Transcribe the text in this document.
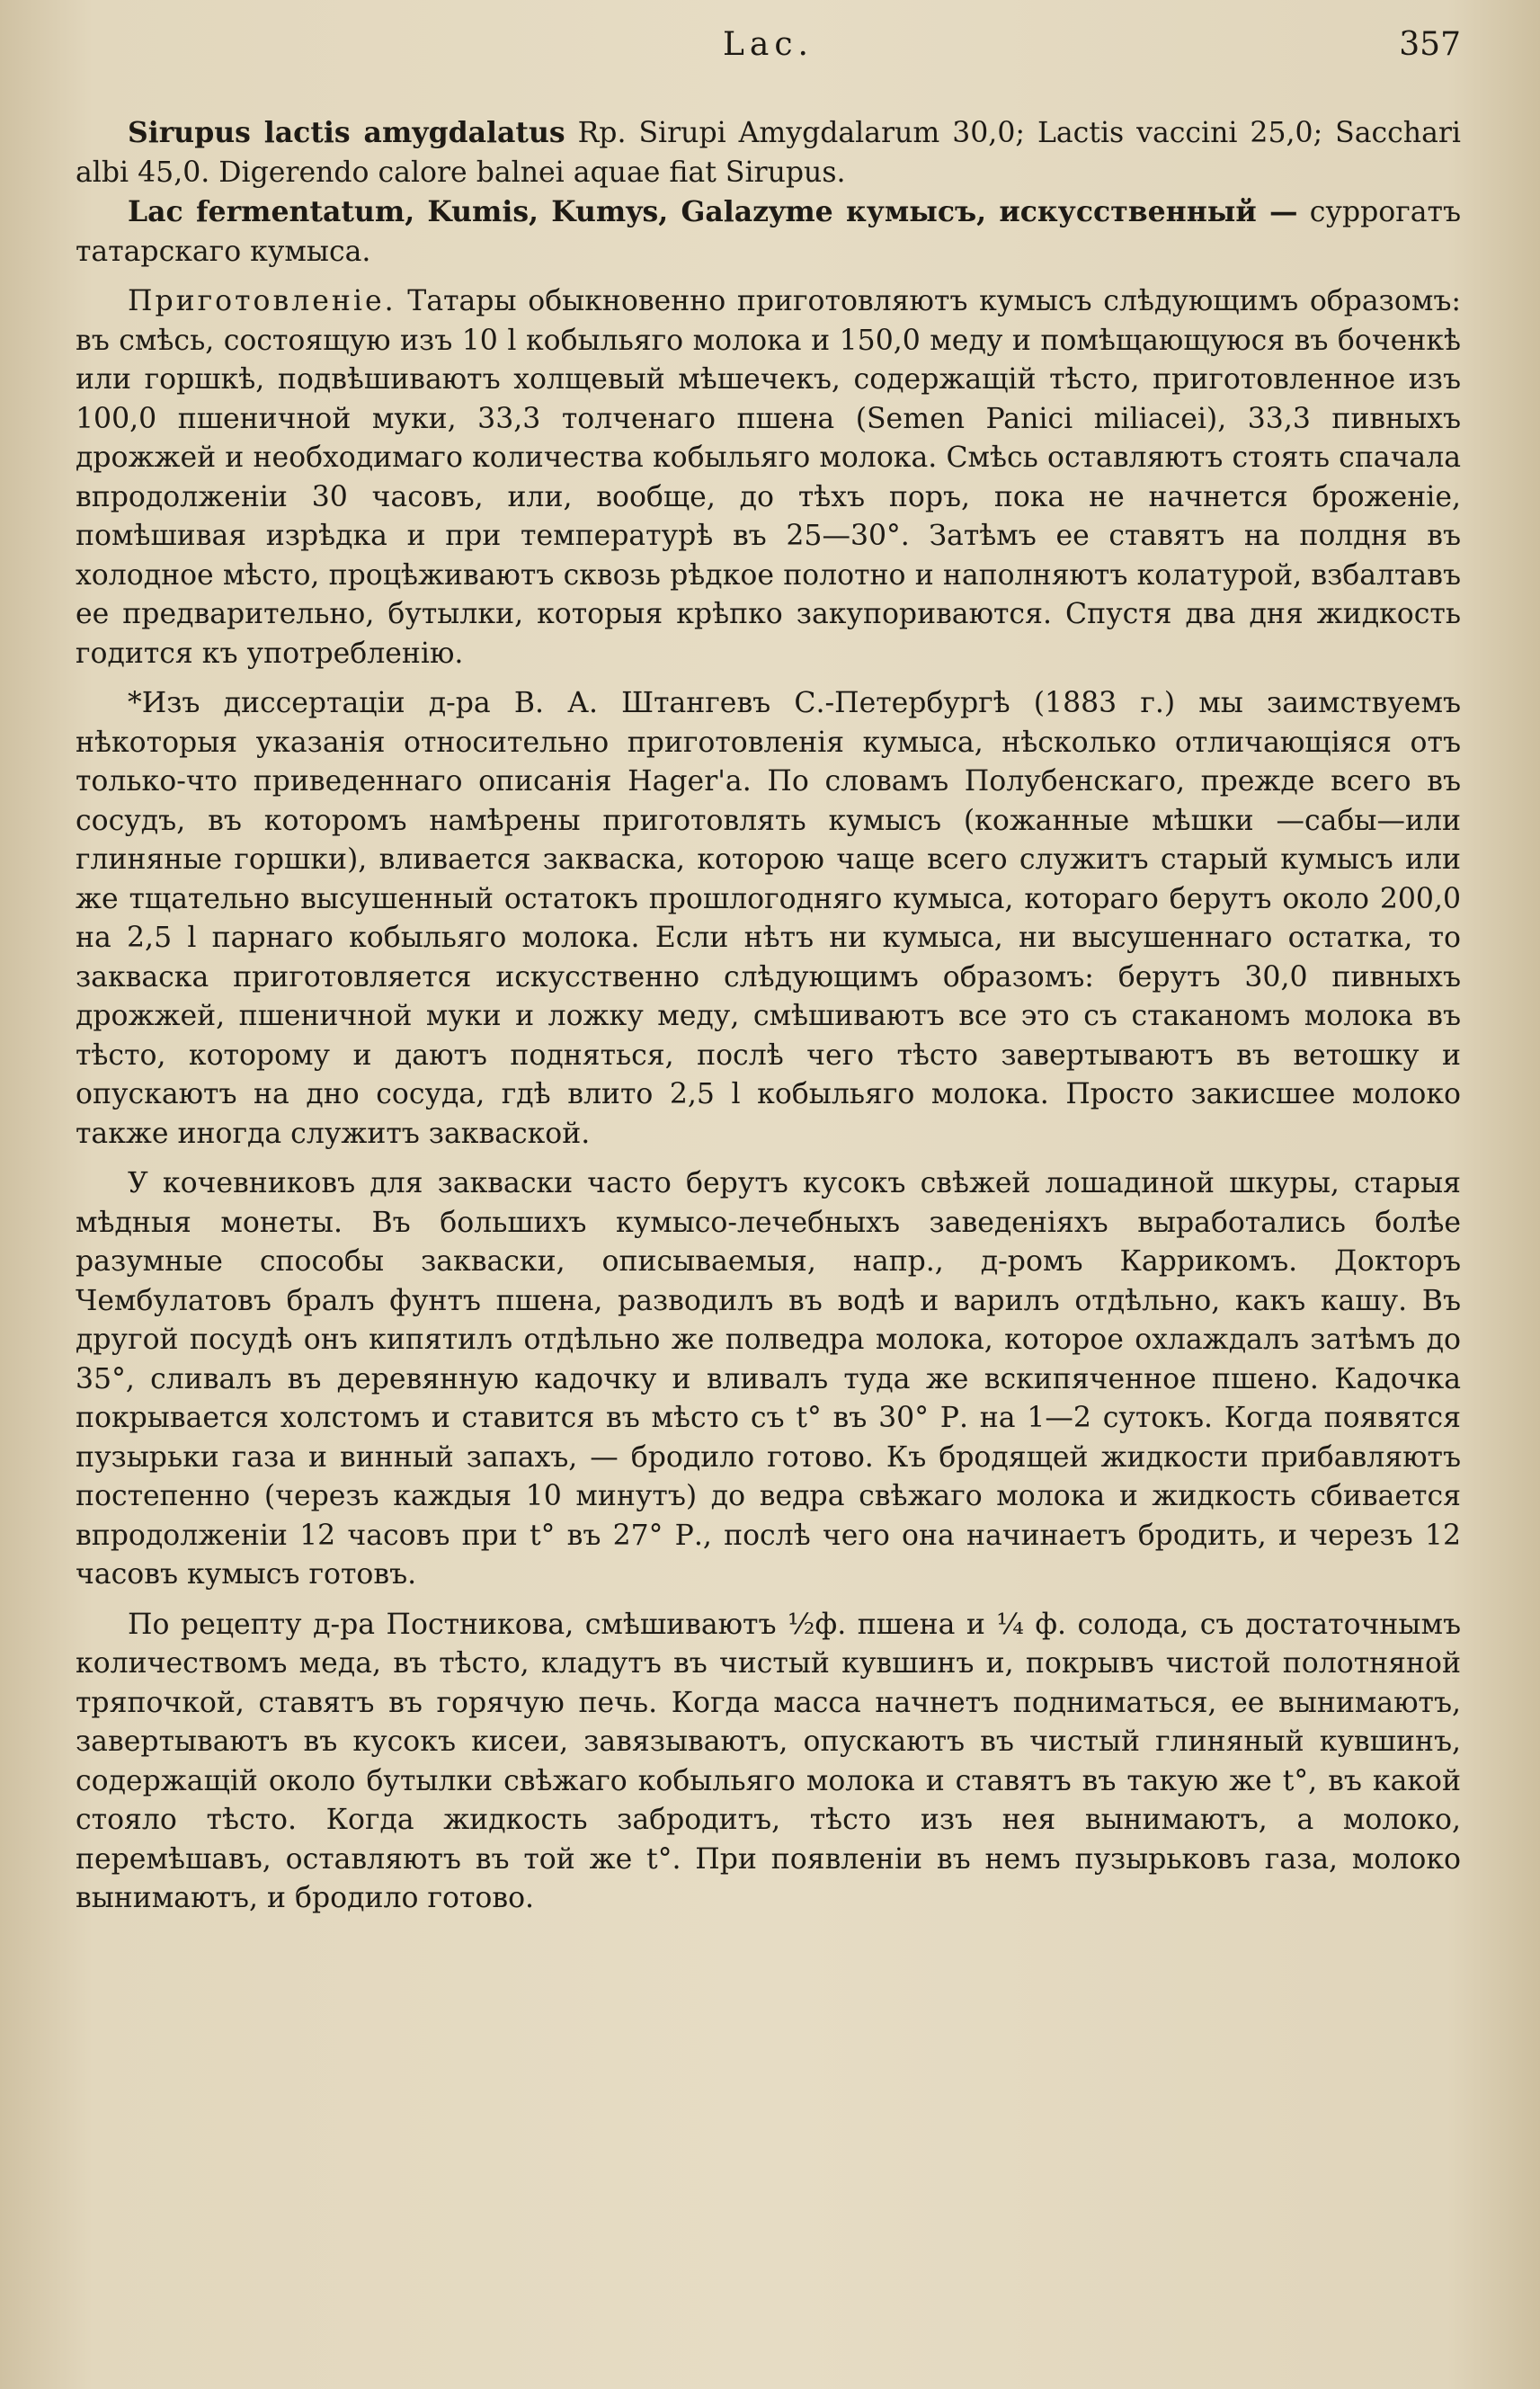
Lac.	357

Sirupus lactis amygdalatus Rp. Sirupi Amygdalarum 30,0; Lactis vaccini 25,0; Sacchari albi 45,0. Digerendo calore balnei aquae fiat Sirupus.

Lac fermentatum, Kumis, Kumys, Galazyme кумысъ, искусственный — суррогатъ татарскаго кумыса.

Приготовленіе. Татары обыкновенно приготовляютъ кумысъ слѣдующимъ образомъ: въ смѣсь, состоящую изъ 10 l кобыльяго молока и 150,0 меду и помѣщающуюся въ боченкѣ или горшкѣ, подвѣшиваютъ холщевый мѣшечекъ, содержащій тѣсто, приготовленное изъ 100,0 пшеничной муки, 33,3 толченаго пшена (Semen Panici miliacei), 33,3 пивныхъ дрожжей и необходимаго количества кобыльяго молока. Смѣсь оставляютъ стоять спачала впродолженіи 30 часовъ, или, вообще, до тѣхъ поръ, пока не начнется броженіе, помѣшивая изрѣдка и при температурѣ въ 25—30°. Затѣмъ ее ставятъ на полдня въ холодное мѣсто, процѣживаютъ сквозь рѣдкое полотно и наполняютъ колатурой, взбалтавъ ее предварительно, бутылки, которыя крѣпко закупориваются. Спустя два дня жидкость годится къ употребленію.

*Изъ диссертаціи д-ра В. А. Штангевъ С.-Петербургѣ (1883 г.) мы заимствуемъ нѣкоторыя указанія относительно приготовленія кумыса, нѣсколько отличающіяся отъ только-что приведеннаго описанія Hager'а. По словамъ Полубенскаго, прежде всего въ сосудъ, въ которомъ намѣрены приготовлять кумысъ (кожанные мѣшки —сабы—или глиняные горшки), вливается закваска, которою чаще всего служитъ старый кумысъ или же тщательно высушенный остатокъ прошлогодняго кумыса, котораго берутъ около 200,0 на 2,5 l парнаго кобыльяго молока. Если нѣтъ ни кумыса, ни высушеннаго остатка, то закваска приготовляется искусственно слѣдующимъ образомъ: берутъ 30,0 пивныхъ дрожжей, пшеничной муки и ложку меду, смѣшиваютъ все это съ стаканомъ молока въ тѣсто, которому и даютъ подняться, послѣ чего тѣсто завертываютъ въ ветошку и опускаютъ на дно сосуда, гдѣ влито 2,5 l кобыльяго молока. Просто закисшее молоко также иногда служитъ закваской.

У кочевниковъ для закваски часто берутъ кусокъ свѣжей лошадиной шкуры, старыя мѣдныя монеты. Въ большихъ кумысо-лечебныхъ заведеніяхъ выработались болѣе разумные способы закваски, описываемыя, напр., д-ромъ Каррикомъ. Докторъ Чембулатовъ бралъ фунтъ пшена, разводилъ въ водѣ и варилъ отдѣльно, какъ кашу. Въ другой посудѣ онъ кипятилъ отдѣльно же полведра молока, которое охлаждалъ затѣмъ до 35°, сливалъ въ деревянную кадочку и вливалъ туда же вскипяченное пшено. Кадочка покрывается холстомъ и ставится въ мѣсто съ t° въ 30° Р. на 1—2 сутокъ. Когда появятся пузырьки газа и винный запахъ, — бродило готово. Къ бродящей жидкости прибавляютъ постепенно (черезъ каждыя 10 минутъ) до ведра свѣжаго молока и жидкость сбивается впродолженіи 12 часовъ при t° въ 27° Р., послѣ чего она начинаетъ бродить, и черезъ 12 часовъ кумысъ готовъ.

По рецепту д-ра Постникова, смѣшиваютъ ½ф. пшена и ¼ ф. солода, съ достаточнымъ количествомъ меда, въ тѣсто, кладутъ въ чистый кувшинъ и, покрывъ чистой полотняной тряпочкой, ставятъ въ горячую печь. Когда масса начнетъ подниматься, ее вынимаютъ, завертываютъ въ кусокъ кисеи, завязываютъ, опускаютъ въ чистый глиняный кувшинъ, содержащій около бутылки свѣжаго кобыльяго молока и ставятъ въ такую же t°, въ какой стояло тѣсто. Когда жидкость забродитъ, тѣсто изъ нея вынимаютъ, а молоко, перемѣшавъ, оставляютъ въ той же t°. При появленіи въ немъ пузырьковъ газа, молоко вынимаютъ, и бродило готово.
